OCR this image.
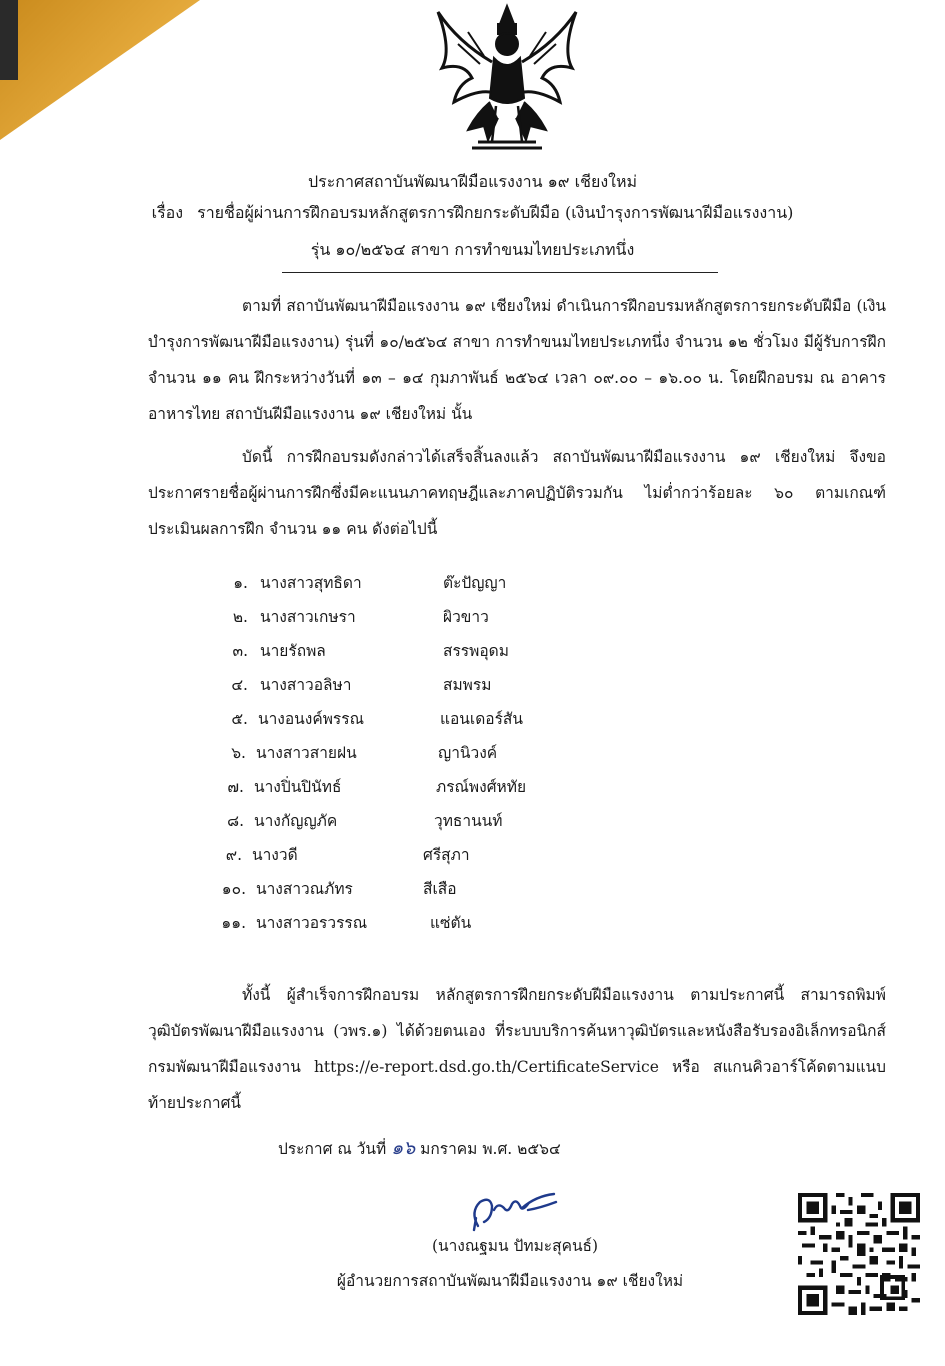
ประกาศสถาบันพัฒนาฝีมือแรงงาน ๑๙ เชียงใหม่
เรื่อง รายชื่อผู้ผ่านการฝึกอบรมหลักสูตรการฝึกยกระดับฝีมือ (เงินบำรุงการพัฒนาฝีมือแรงงาน)
รุ่น ๑๐/๒๕๖๔ สาขา การทำขนมไทยประเภทนึ่ง
ตามที่ สถาบันพัฒนาฝีมือแรงงาน ๑๙ เชียงใหม่ ดำเนินการฝึกอบรมหลักสูตรการยกระดับฝีมือ (เงินบำรุงการพัฒนาฝีมือแรงงาน) รุ่นที่ ๑๐/๒๕๖๔ สาขา การทำขนมไทยประเภทนึ่ง จำนวน ๑๒ ชั่วโมง มีผู้รับการฝึกจำนวน ๑๑ คน ฝึกระหว่างวันที่ ๑๓ – ๑๔ กุมภาพันธ์ ๒๕๖๔ เวลา ๐๙.๐๐ – ๑๖.๐๐ น. โดยฝึกอบรม ณ อาคารอาหารไทย สถาบันฝีมือแรงงาน ๑๙ เชียงใหม่ นั้น
บัดนี้ การฝึกอบรมดังกล่าวได้เสร็จสิ้นลงแล้ว สถาบันพัฒนาฝีมือแรงงาน ๑๙ เชียงใหม่ จึงขอประกาศรายชื่อผู้ผ่านการฝึกซึ่งมีคะแนนภาคทฤษฎีและภาคปฏิบัติรวมกัน ไม่ต่ำกว่าร้อยละ ๖๐ ตามเกณฑ์ประเมินผลการฝึก จำนวน ๑๑ คน ดังต่อไปนี้
๑. นางสาวสุทธิดา	ต๊ะปัญญา
๒. นางสาวเกษรา	ผิวขาว
๓. นายรัถพล	สรรพอุดม
๔. นางสาวอลิษา	สมพรม
๕. นางอนงค์พรรณ	แอนเดอร์สัน
๖. นางสาวสายฝน	ญานิวงค์
๗. นางปิ่นปินัทธ์	ภรณ์พงศ์หทัย
๘. นางกัญญภัค	วุทธานนท์
๙. นางวดี	ศรีสุภา
๑๐. นางสาวณภัทร	สีเสือ
๑๑. นางสาวอรวรรณ	แซ่ตัน
ทั้งนี้ ผู้สำเร็จการฝึกอบรม หลักสูตรการฝึกยกระดับฝีมือแรงงาน ตามประกาศนี้ สามารถพิมพ์วุฒิบัตรพัฒนาฝีมือแรงงาน (วพร.๑) ได้ด้วยตนเอง ที่ระบบบริการค้นหาวุฒิบัตรและหนังสือรับรองอิเล็กทรอนิกส์กรมพัฒนาฝีมือแรงงาน https://e-report.dsd.go.th/CertificateService หรือ สแกนคิวอาร์โค้ดตามแนบท้ายประกาศนี้
ประกาศ ณ วันที่ ๑๖ มกราคม พ.ศ. ๒๕๖๔
(นางณฐมน ปัทมะสุคนธ์)
ผู้อำนวยการสถาบันพัฒนาฝีมือแรงงาน ๑๙ เชียงใหม่
